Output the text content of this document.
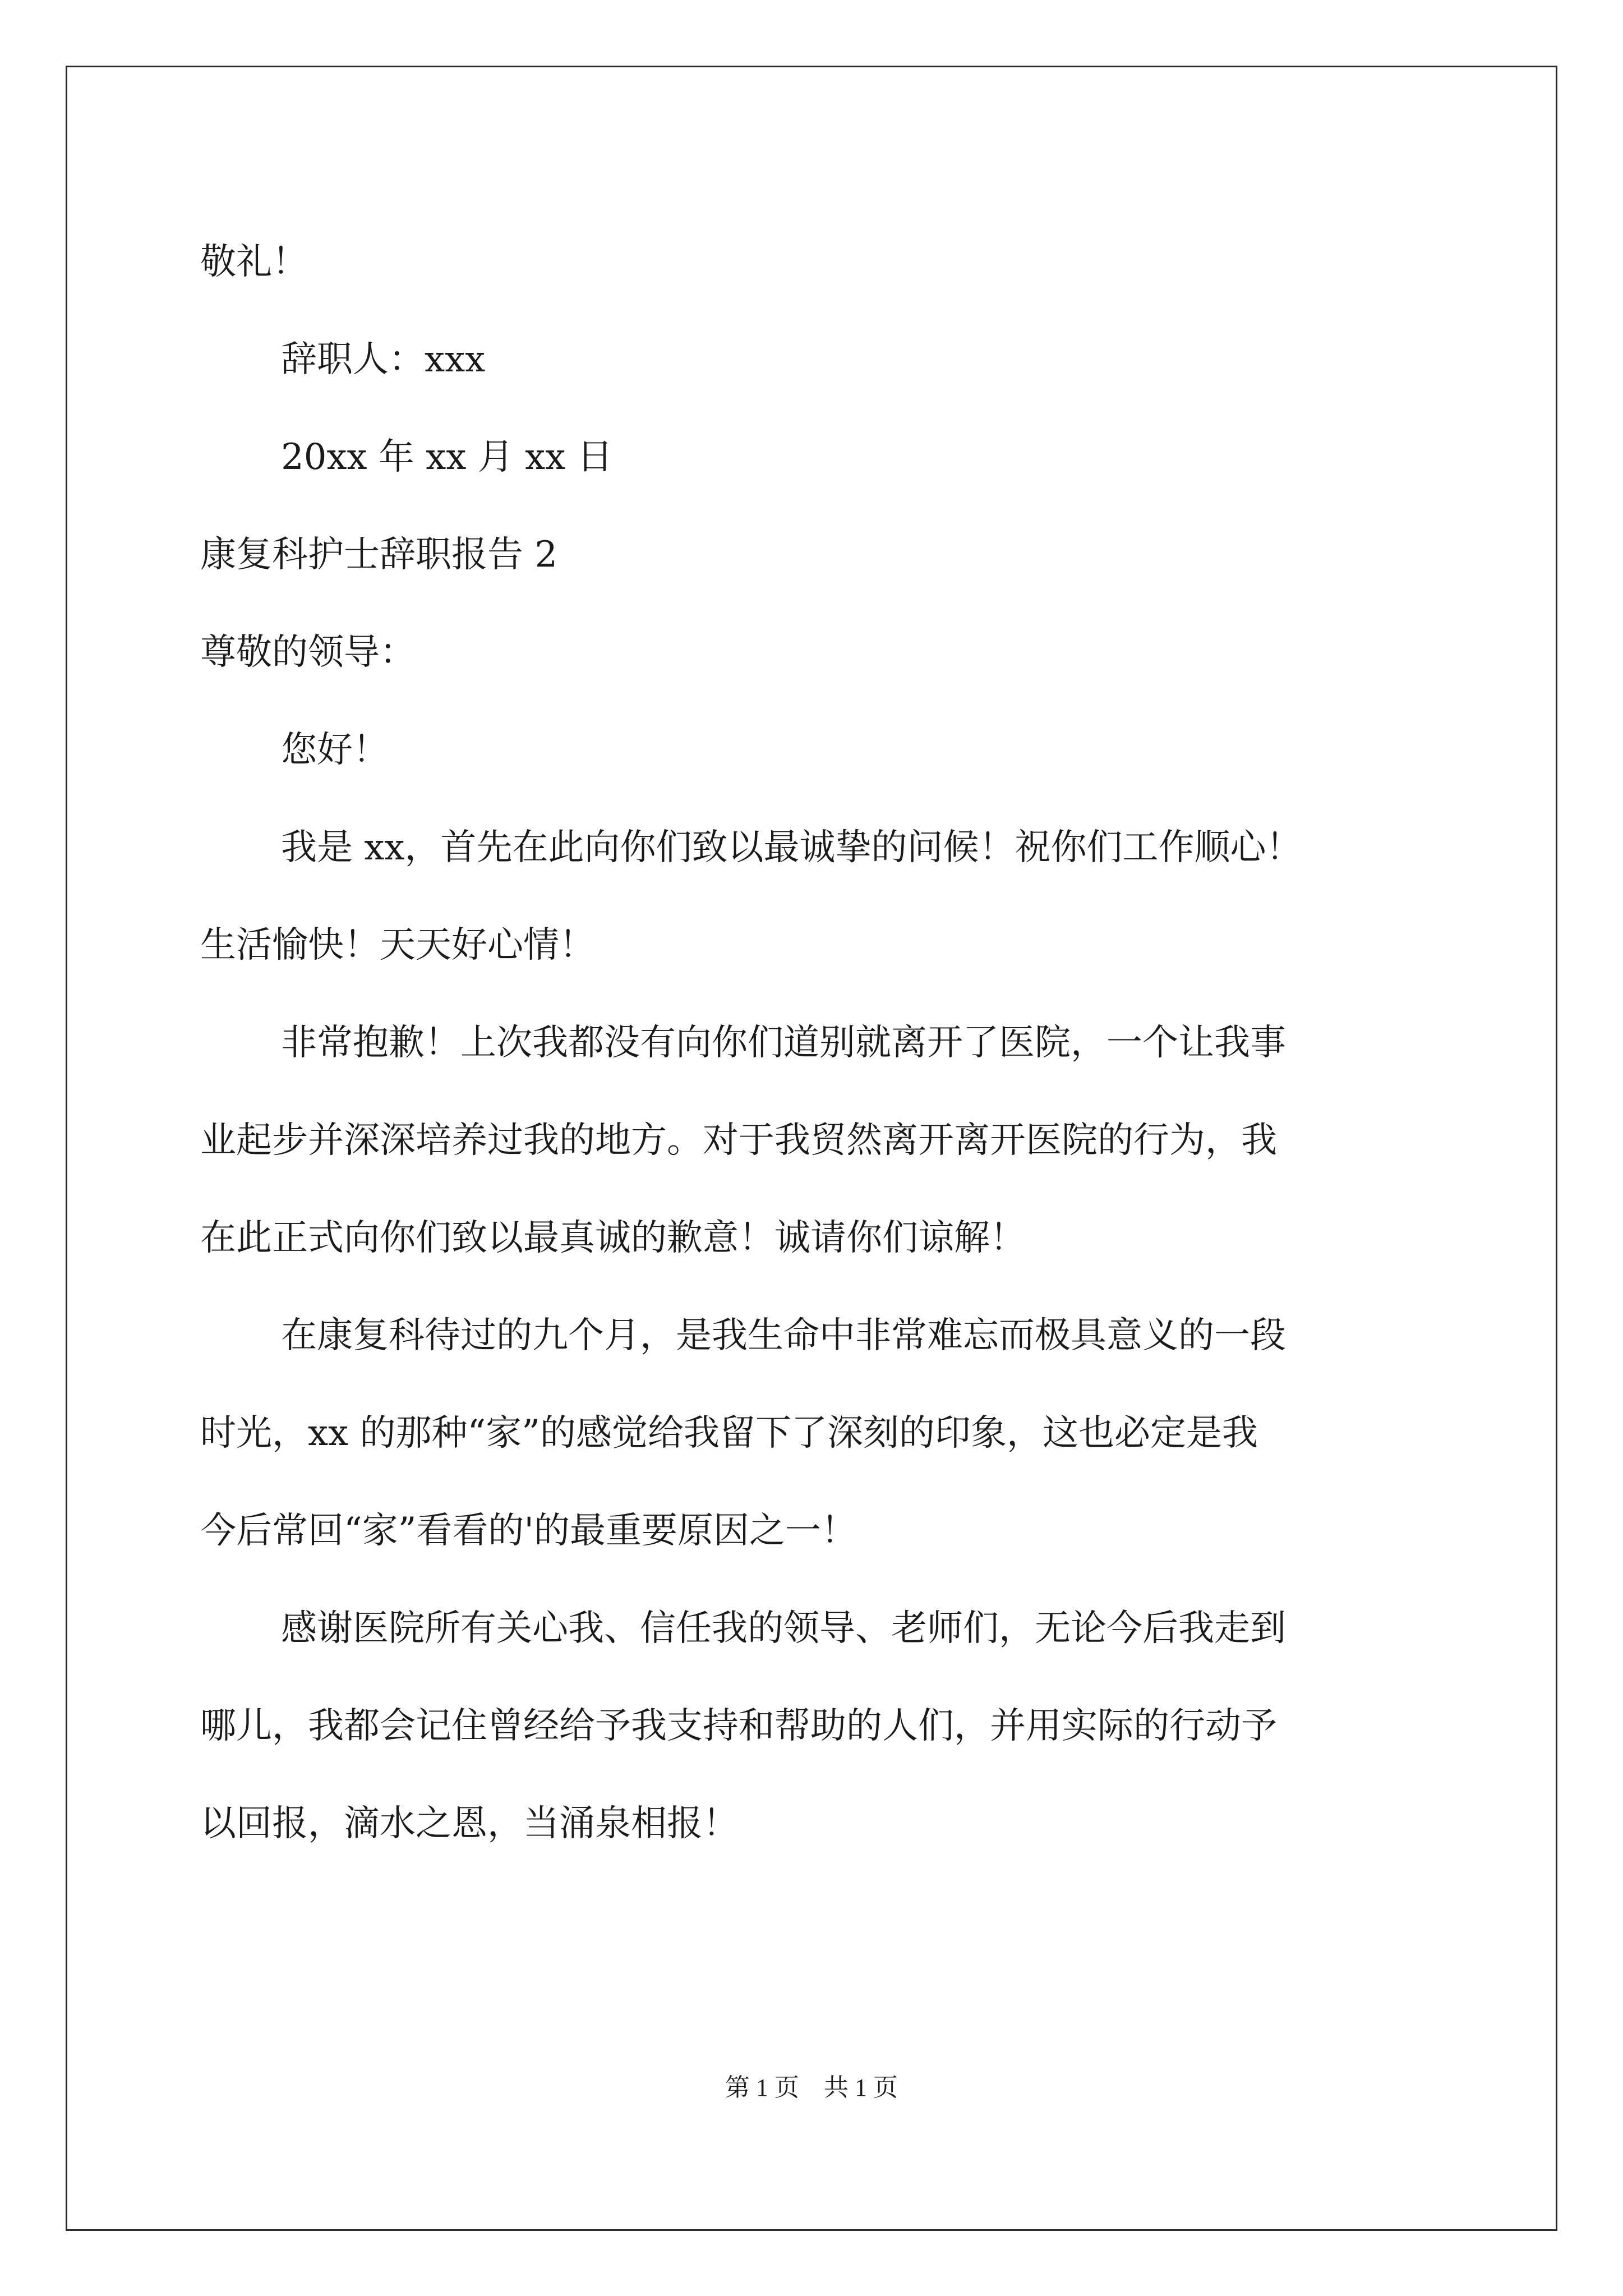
敬礼！
辞职人：xxx
20xx 年 xx 月 xx 日
康复科护士辞职报告 2
尊敬的领导：
您好！
我是 xx，首先在此向你们致以最诚挚的问候！祝你们工作顺心！
生活愉快！天天好心情！
非常抱歉！上次我都没有向你们道别就离开了医院，一个让我事
业起步并深深培养过我的地方。对于我贸然离开离开医院的行为，我
在此正式向你们致以最真诚的歉意！诚请你们谅解！
在康复科待过的九个月，是我生命中非常难忘而极具意义的一段
时光，xx 的那种“家”的感觉给我留下了深刻的印象，这也必定是我
今后常回“家”看看的'的最重要原因之一！
感谢医院所有关心我、信任我的领导、老师们，无论今后我走到
哪儿，我都会记住曾经给予我支持和帮助的人们，并用实际的行动予
以回报，滴水之恩，当涌泉相报！
第 1 页　共 1 页
